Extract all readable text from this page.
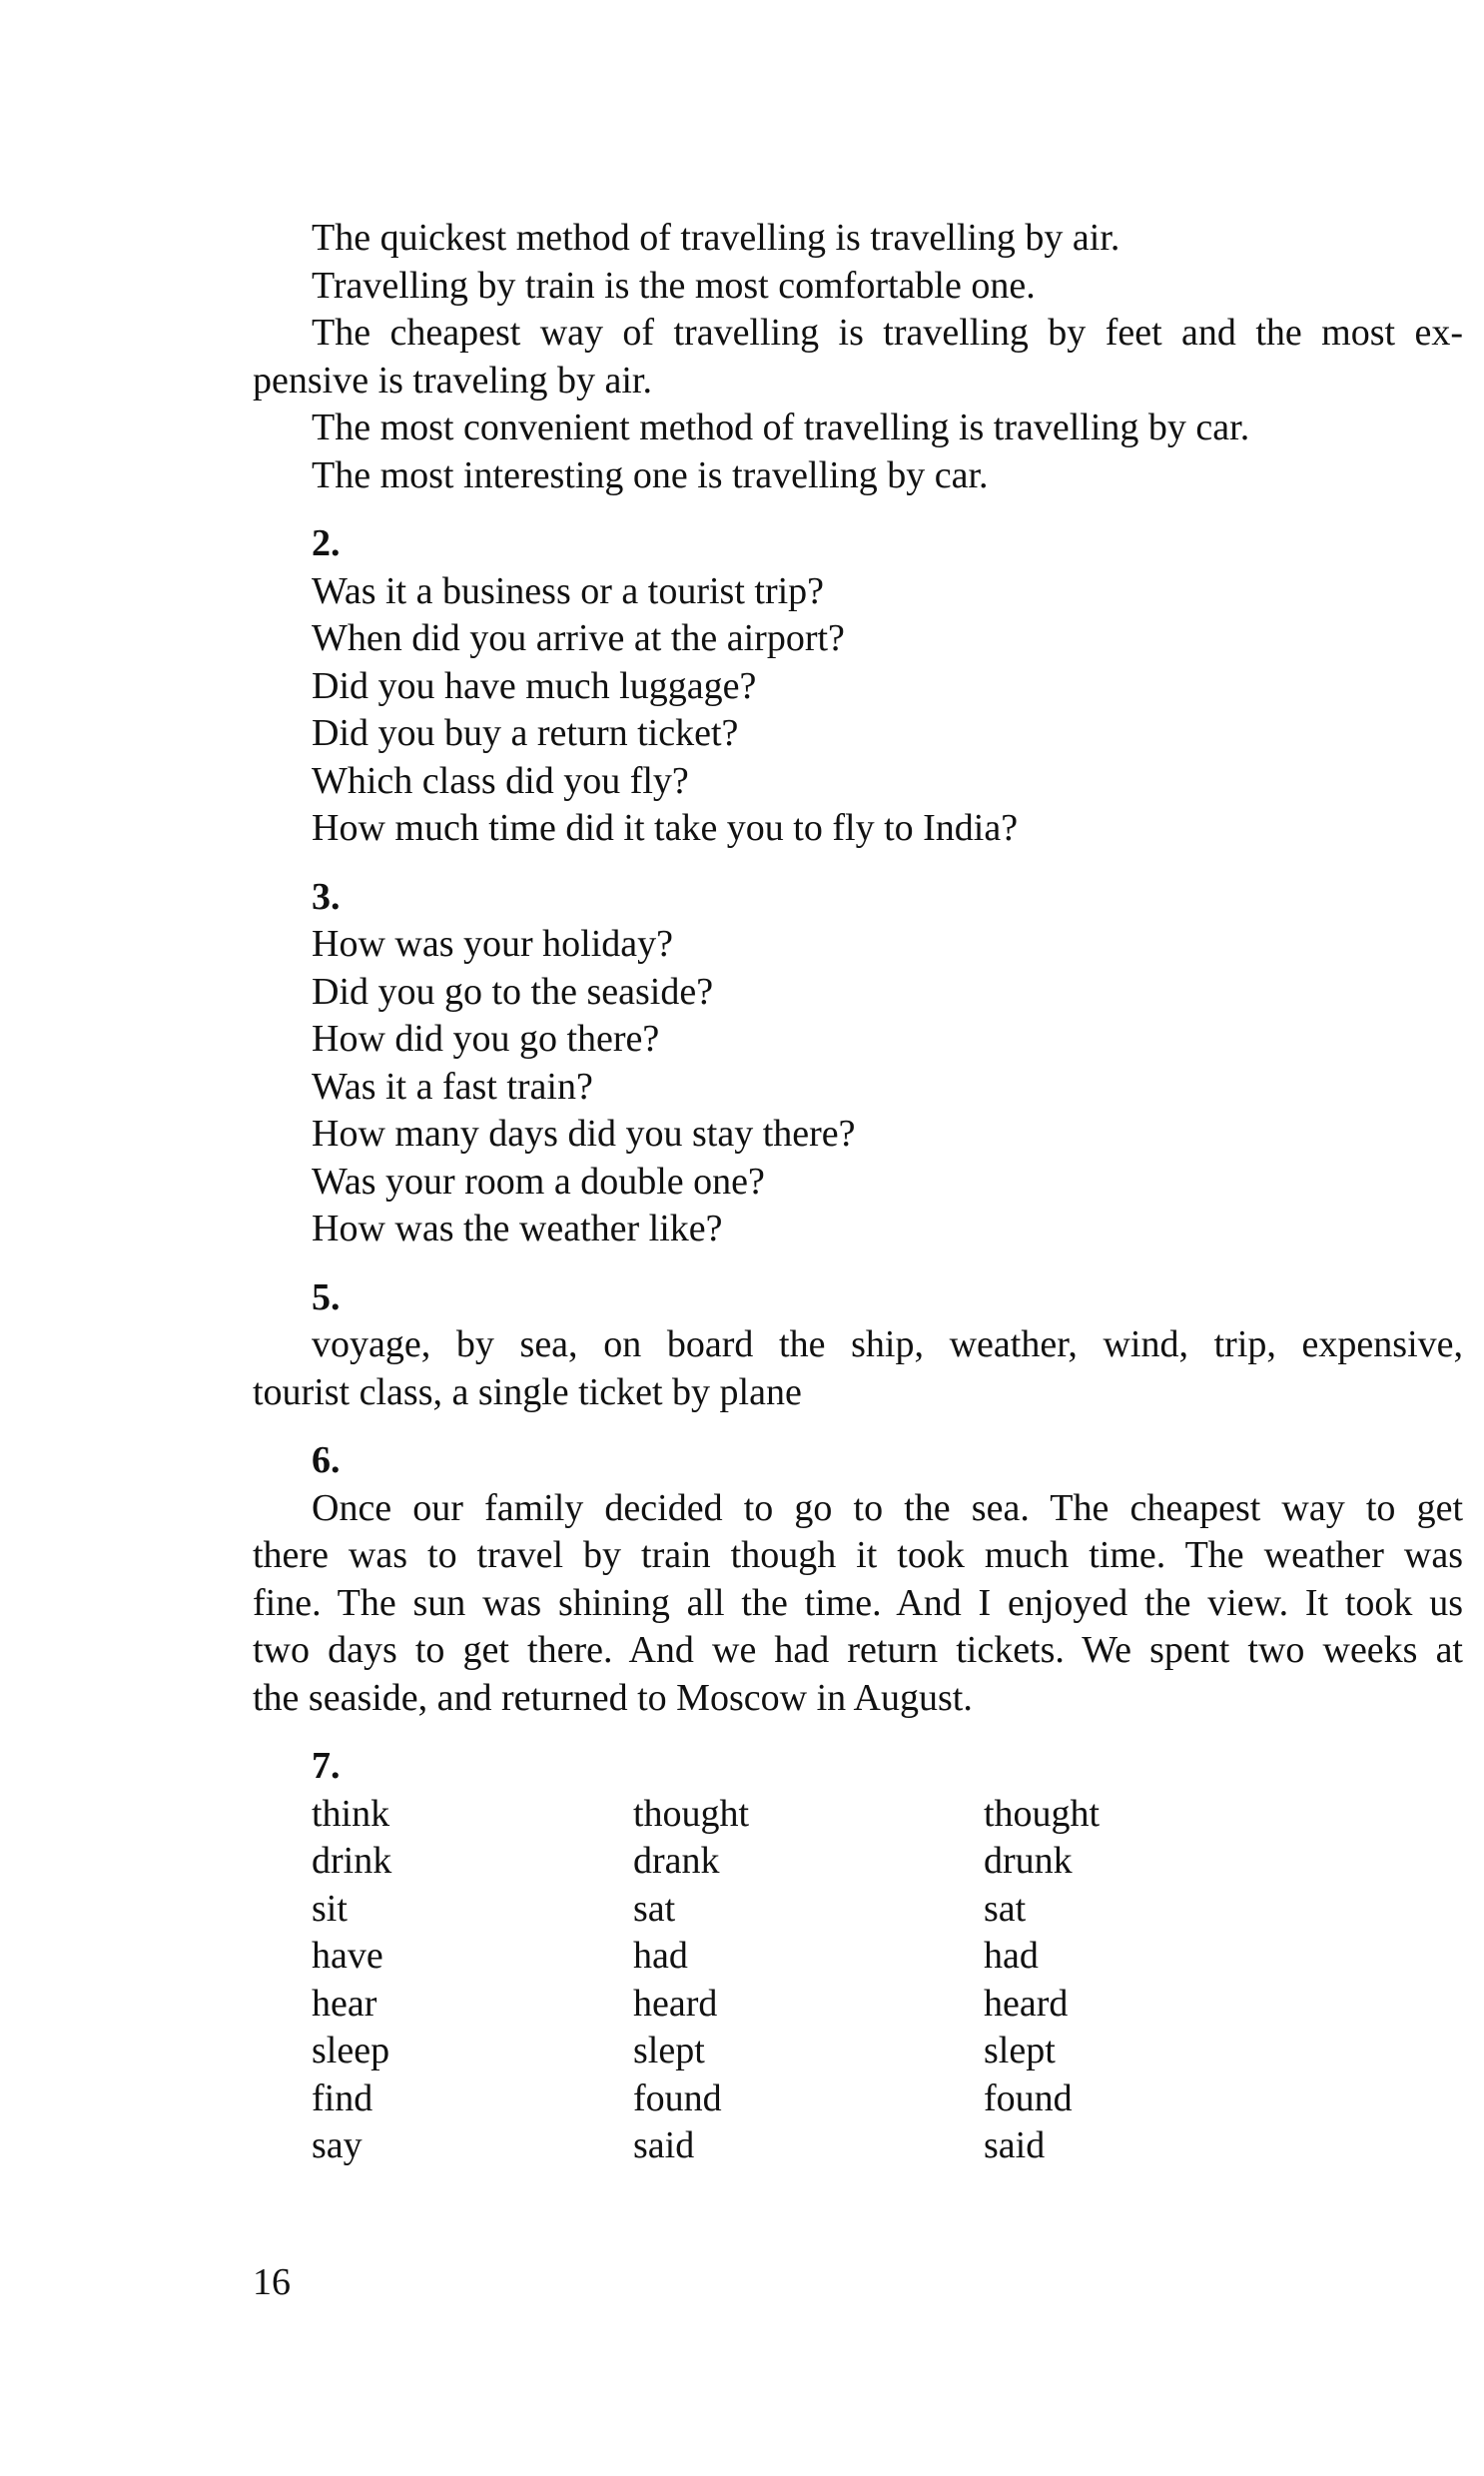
The quickest method of travelling is travelling by air.
Travelling by train is the most comfortable one.
The cheapest way of travelling is travelling by feet and the most ex-
pensive is traveling by air.
The most convenient method of travelling is travelling by car.
The most interesting one is travelling by car.
2.
Was it a business or a tourist trip?
When did you arrive at the airport?
Did you have much luggage?
Did you buy a return ticket?
Which class did you fly?
How much time did it take you to fly to India?
3.
How was your holiday?
Did you go to the seaside?
How did you go there?
Was it a fast train?
How many days did you stay there?
Was your room a double one?
How was the weather like?
5.
voyage, by sea, on board the ship, weather, wind, trip, expensive,
tourist class, a single ticket by plane
6.
Once our family decided to go to the sea. The cheapest way to get
there was to travel by train though it took much time. The weather was
fine. The sun was shining all the time. And I enjoyed the view. It took us
two days to get there. And we had return tickets. We spent two weeks at
the seaside, and returned to Moscow in August.
7.
think	thought	thought
drink	drank	drunk
sit	sat	sat
have	had	had
hear	heard	heard
sleep	slept	slept
find	found	found
say	said	said
16
